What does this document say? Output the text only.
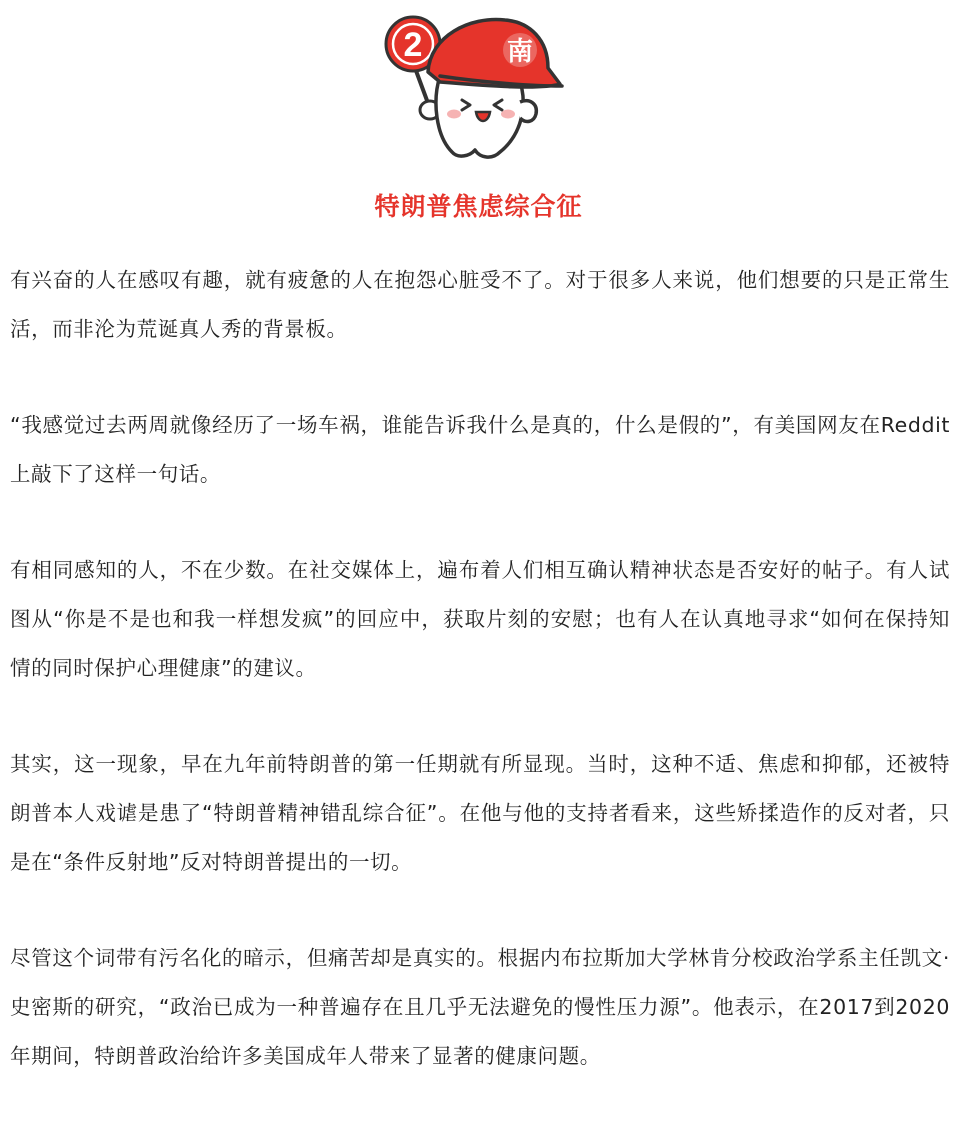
2	南
特朗普焦虑综合征

有兴奋的人在感叹有趣，就有疲惫的人在抱怨心脏受不了。对于很多人来说，他们想要的只是正常生活，而非沦为荒诞真人秀的背景板。

“我感觉过去两周就像经历了一场车祸，谁能告诉我什么是真的，什么是假的”，有美国网友在Reddit上敲下了这样一句话。

有相同感知的人，不在少数。在社交媒体上，遍布着人们相互确认精神状态是否安好的帖子。有人试图从“你是不是也和我一样想发疯”的回应中，获取片刻的安慰；也有人在认真地寻求“如何在保持知情的同时保护心理健康”的建议。

其实，这一现象，早在九年前特朗普的第一任期就有所显现。当时，这种不适、焦虑和抑郁，还被特朗普本人戏谑是患了“特朗普精神错乱综合征”。在他与他的支持者看来，这些矫揉造作的反对者，只是在“条件反射地”反对特朗普提出的一切。

尽管这个词带有污名化的暗示，但痛苦却是真实的。根据内布拉斯加大学林肯分校政治学系主任凯文·史密斯的研究，“政治已成为一种普遍存在且几乎无法避免的慢性压力源”。他表示，在2017到2020年期间，特朗普政治给许多美国成年人带来了显著的健康问题。
